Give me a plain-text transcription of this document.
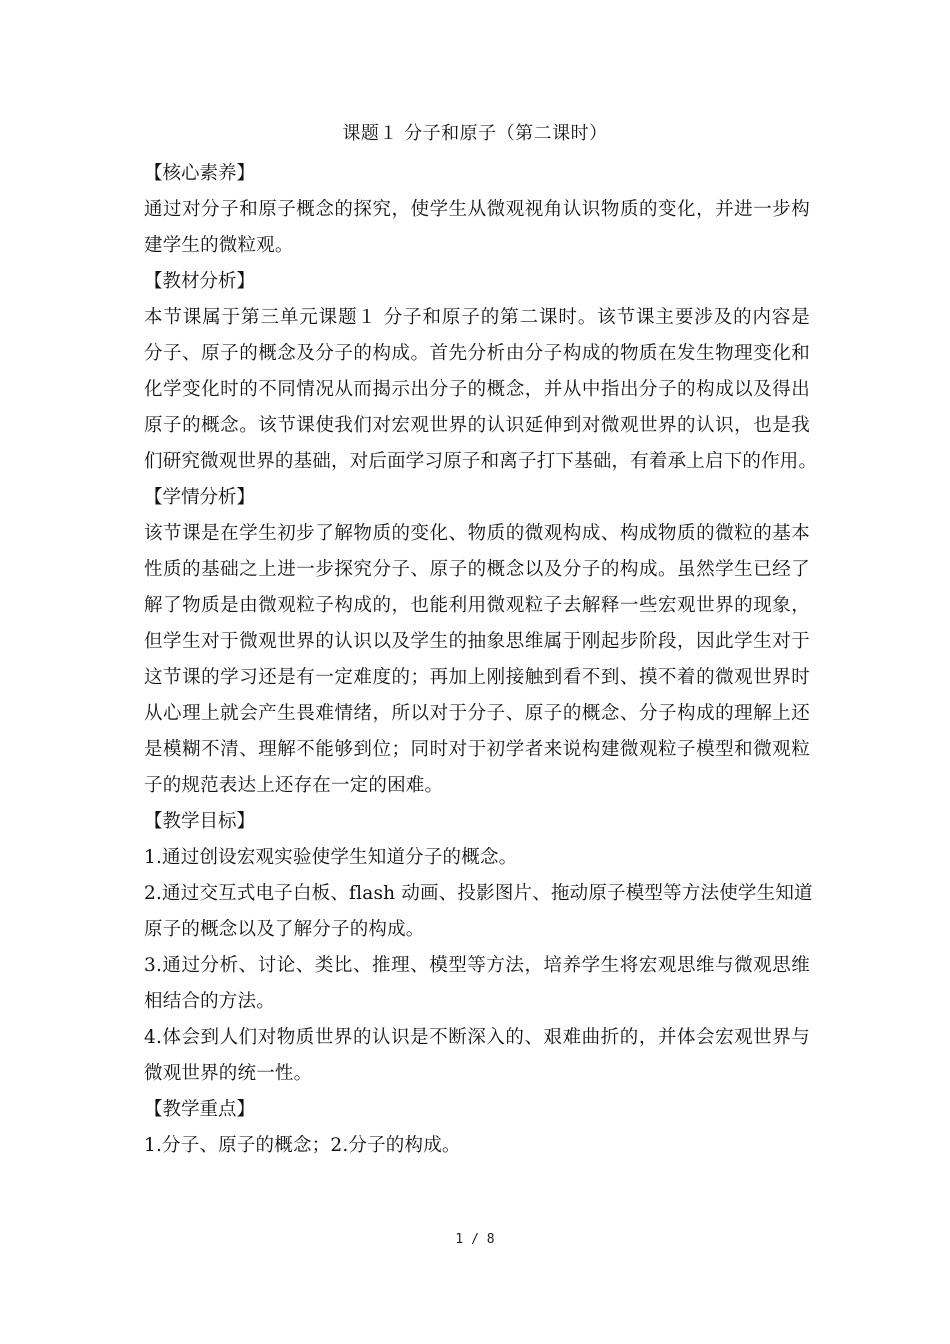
课题１ 分子和原子（第二课时）
【核心素养】
通过对分子和原子概念的探究，使学生从微观视角认识物质的变化，并进一步构
建学生的微粒观。
【教材分析】
本节课属于第三单元课题１ 分子和原子的第二课时。该节课主要涉及的内容是
分子、原子的概念及分子的构成。首先分析由分子构成的物质在发生物理变化和
化学变化时的不同情况从而揭示出分子的概念，并从中指出分子的构成以及得出
原子的概念。该节课使我们对宏观世界的认识延伸到对微观世界的认识，也是我
们研究微观世界的基础，对后面学习原子和离子打下基础，有着承上启下的作用。
【学情分析】
该节课是在学生初步了解物质的变化、物质的微观构成、构成物质的微粒的基本
性质的基础之上进一步探究分子、原子的概念以及分子的构成。虽然学生已经了
解了物质是由微观粒子构成的，也能利用微观粒子去解释一些宏观世界的现象，
但学生对于微观世界的认识以及学生的抽象思维属于刚起步阶段，因此学生对于
这节课的学习还是有一定难度的；再加上刚接触到看不到、摸不着的微观世界时
从心理上就会产生畏难情绪，所以对于分子、原子的概念、分子构成的理解上还
是模糊不清、理解不能够到位；同时对于初学者来说构建微观粒子模型和微观粒
子的规范表达上还存在一定的困难。
【教学目标】
1.通过创设宏观实验使学生知道分子的概念。
2.通过交互式电子白板、flash 动画、投影图片、拖动原子模型等方法使学生知道
原子的概念以及了解分子的构成。
3.通过分析、讨论、类比、推理、模型等方法，培养学生将宏观思维与微观思维
相结合的方法。
4.体会到人们对物质世界的认识是不断深入的、艰难曲折的，并体会宏观世界与
微观世界的统一性。
【教学重点】
1.分子、原子的概念；2.分子的构成。
1 / 8
